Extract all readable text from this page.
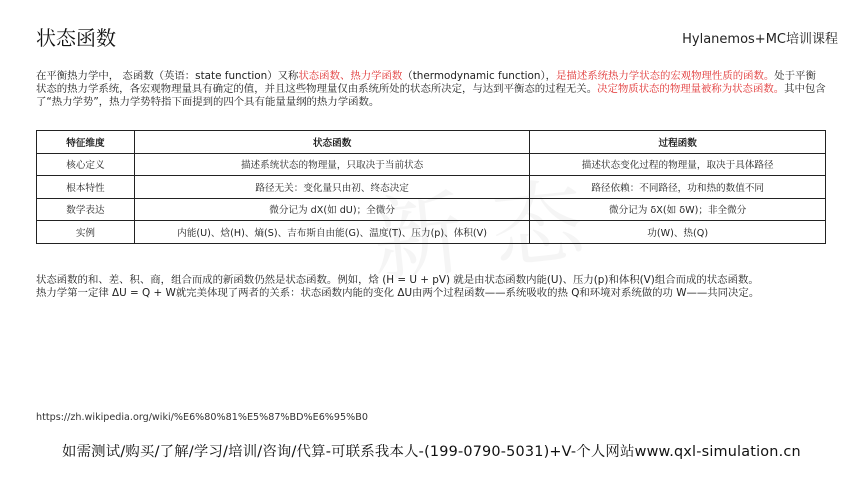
状态函数	Hylanemos+MC培训课程
在平衡热力学中， 态函数（英语：state function）又称状态函数、热力学函数（thermodynamic function），是描述系统热力学状态的宏观物理性质的函数。处于平衡状态的热力学系统，各宏观物理量具有确定的值，并且这些物理量仅由系统所处的状态所决定，与达到平衡态的过程无关。决定物质状态的物理量被称为状态函数。其中包含了“热力学势”，热力学势特指下面提到的四个具有能量量纲的热力学函数。
特征维度	状态函数	过程函数
核心定义	描述系统状态的物理量，只取决于当前状态	描述状态变化过程的物理量，取决于具体路径
根本特性	路径无关：变化量只由初、终态决定	路径依赖：不同路径，功和热的数值不同
数学表达	微分记为 dX(如 dU)；全微分	微分记为 δX(如 δW)；非全微分
实例	内能(U)、焓(H)、熵(S)、吉布斯自由能(G)、温度(T)、压力(p)、体积(V)	功(W)、热(Q)

状态函数的和、差、积、商，组合而成的新函数仍然是状态函数。例如，焓 (H = U + pV) 就是由状态函数内能(U)、压力(p)和体积(V)组合而成的状态函数。

热力学第一定律 ΔU = Q + W就完美体现了两者的关系：状态函数内能的变化 ΔU由两个过程函数——系统吸收的热 Q和环境对系统做的功 W——共同决定。

https://zh.wikipedia.org/wiki/%E6%80%81%E5%87%BD%E6%95%B0
如需测试/购买/了解/学习/培训/咨询/代算-可联系我本人-(199-0790-5031)+V-个人网站www.qxl-simulation.cn
